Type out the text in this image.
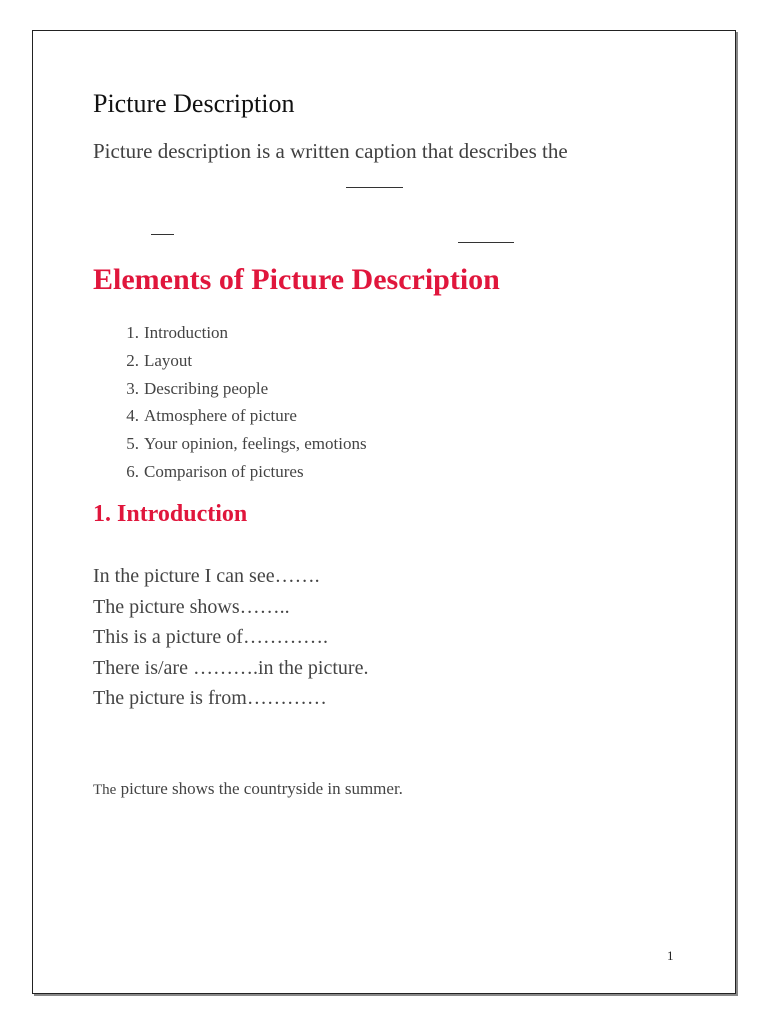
Picture Description
Picture description is a written caption that describes the
Elements of Picture Description
1. Introduction
2. Layout
3. Describing people
4. Atmosphere of picture
5. Your opinion, feelings, emotions
6. Comparison of pictures
1. Introduction
In the picture I can see…….
The picture shows……..
This is a picture of………….
There is/are ……….in the picture.
The picture is from…………
The picture shows the countryside in summer.
1
